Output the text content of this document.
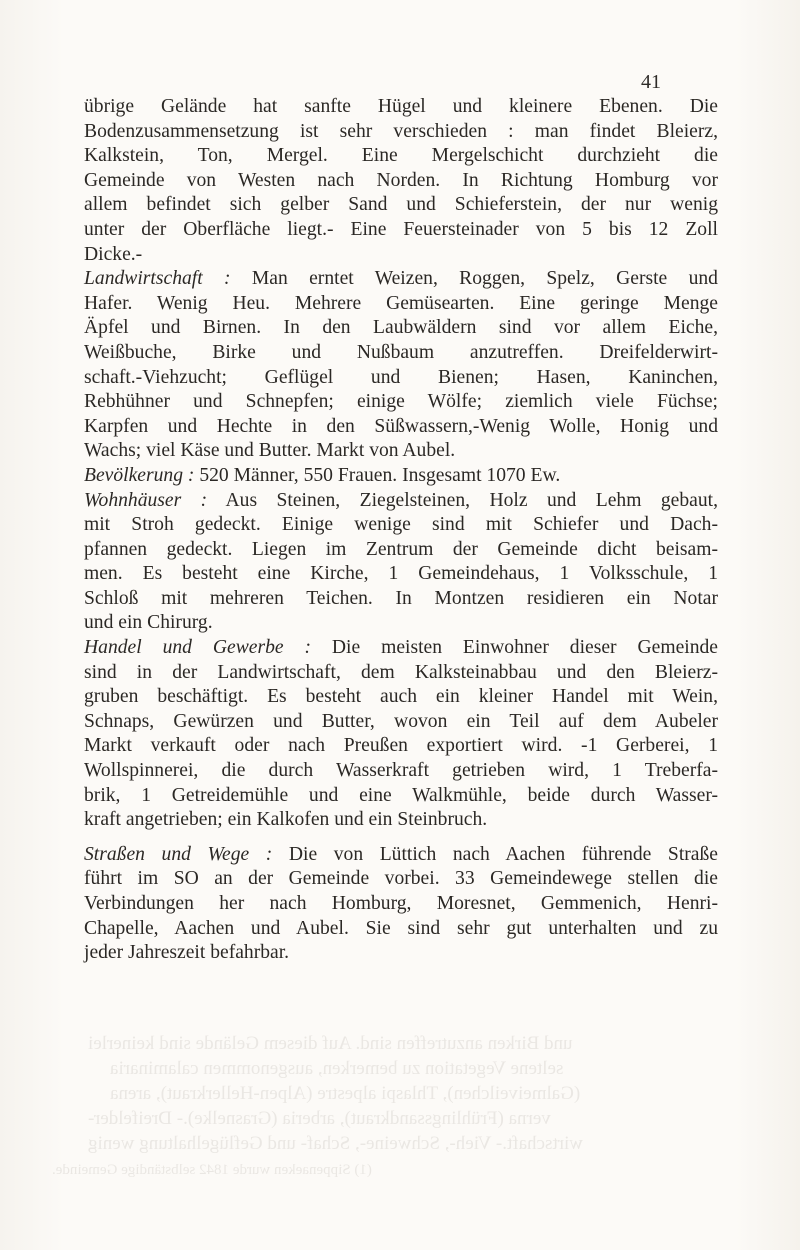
und Birken anzutreffen sind. Auf diesem Gelände sind keinerlei
seltene Vegetation zu bemerken, ausgenommen calaminaria
(Galmeiveilchen), Thlaspi alpestre (Alpen-Hellerkraut), arena
verna (Frühlingssandkraut), arberia (Grasnelke).- Dreifelder-
wirtschaft.- Vieh-, Schweine-, Schaf- und Geflügelhaltung wenig
(1) Sippenaeken wurde 1842 selbständige Gemeinde.
41
übrige Gelände hat sanfte Hügel und kleinere Ebenen. Die
Bodenzusammensetzung ist sehr verschieden : man findet Bleierz,
Kalkstein, Ton, Mergel. Eine Mergelschicht durchzieht die
Gemeinde von Westen nach Norden. In Richtung Homburg vor
allem befindet sich gelber Sand und Schieferstein, der nur wenig
unter der Oberfläche liegt.- Eine Feuersteinader von 5 bis 12 Zoll
Dicke.-
Landwirtschaft : Man erntet Weizen, Roggen, Spelz, Gerste und
Hafer. Wenig Heu. Mehrere Gemüsearten. Eine geringe Menge
Äpfel und Birnen. In den Laubwäldern sind vor allem Eiche,
Weißbuche, Birke und Nußbaum anzutreffen. Dreifelderwirt-
schaft.-Viehzucht; Geflügel und Bienen; Hasen, Kaninchen,
Rebhühner und Schnepfen; einige Wölfe; ziemlich viele Füchse;
Karpfen und Hechte in den Süßwassern,-Wenig Wolle, Honig und
Wachs; viel Käse und Butter. Markt von Aubel.
Bevölkerung : 520 Männer, 550 Frauen. Insgesamt 1070 Ew.
Wohnhäuser : Aus Steinen, Ziegelsteinen, Holz und Lehm gebaut,
mit Stroh gedeckt. Einige wenige sind mit Schiefer und Dach-
pfannen gedeckt. Liegen im Zentrum der Gemeinde dicht beisam-
men. Es besteht eine Kirche, 1 Gemeindehaus, 1 Volksschule, 1
Schloß mit mehreren Teichen. In Montzen residieren ein Notar
und ein Chirurg.
Handel und Gewerbe : Die meisten Einwohner dieser Gemeinde
sind in der Landwirtschaft, dem Kalksteinabbau und den Bleierz-
gruben beschäftigt. Es besteht auch ein kleiner Handel mit Wein,
Schnaps, Gewürzen und Butter, wovon ein Teil auf dem Aubeler
Markt verkauft oder nach Preußen exportiert wird. -1 Gerberei, 1
Wollspinnerei, die durch Wasserkraft getrieben wird, 1 Treberfa-
brik, 1 Getreidemühle und eine Walkmühle, beide durch Wasser-
kraft angetrieben; ein Kalkofen und ein Steinbruch.
Straßen und Wege : Die von Lüttich nach Aachen führende Straße
führt im SO an der Gemeinde vorbei. 33 Gemeindewege stellen die
Verbindungen her nach Homburg, Moresnet, Gemmenich, Henri-
Chapelle, Aachen und Aubel. Sie sind sehr gut unterhalten und zu
jeder Jahreszeit befahrbar.
